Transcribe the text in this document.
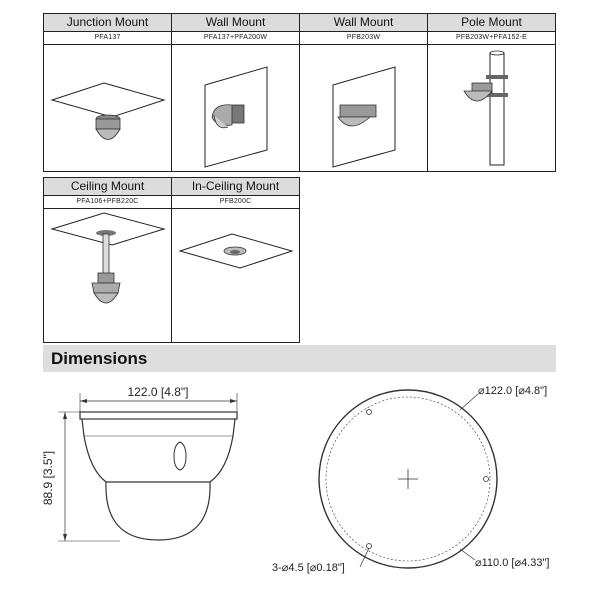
Junction Mount
PFA137
Wall Mount
PFA137+PFA200W
Wall Mount
PFB203W
Pole Mount
PFB203W+PFA152-E
Ceiling Mount
PFA106+PFB220C
In-Ceiling Mount
PFB200C
Dimensions
122.0 [4.8"]
88.9 [3.5"]
⌀122.0 [⌀4.8"]
⌀110.0 [⌀4.33"]
3-⌀4.5 [⌀0.18"]
